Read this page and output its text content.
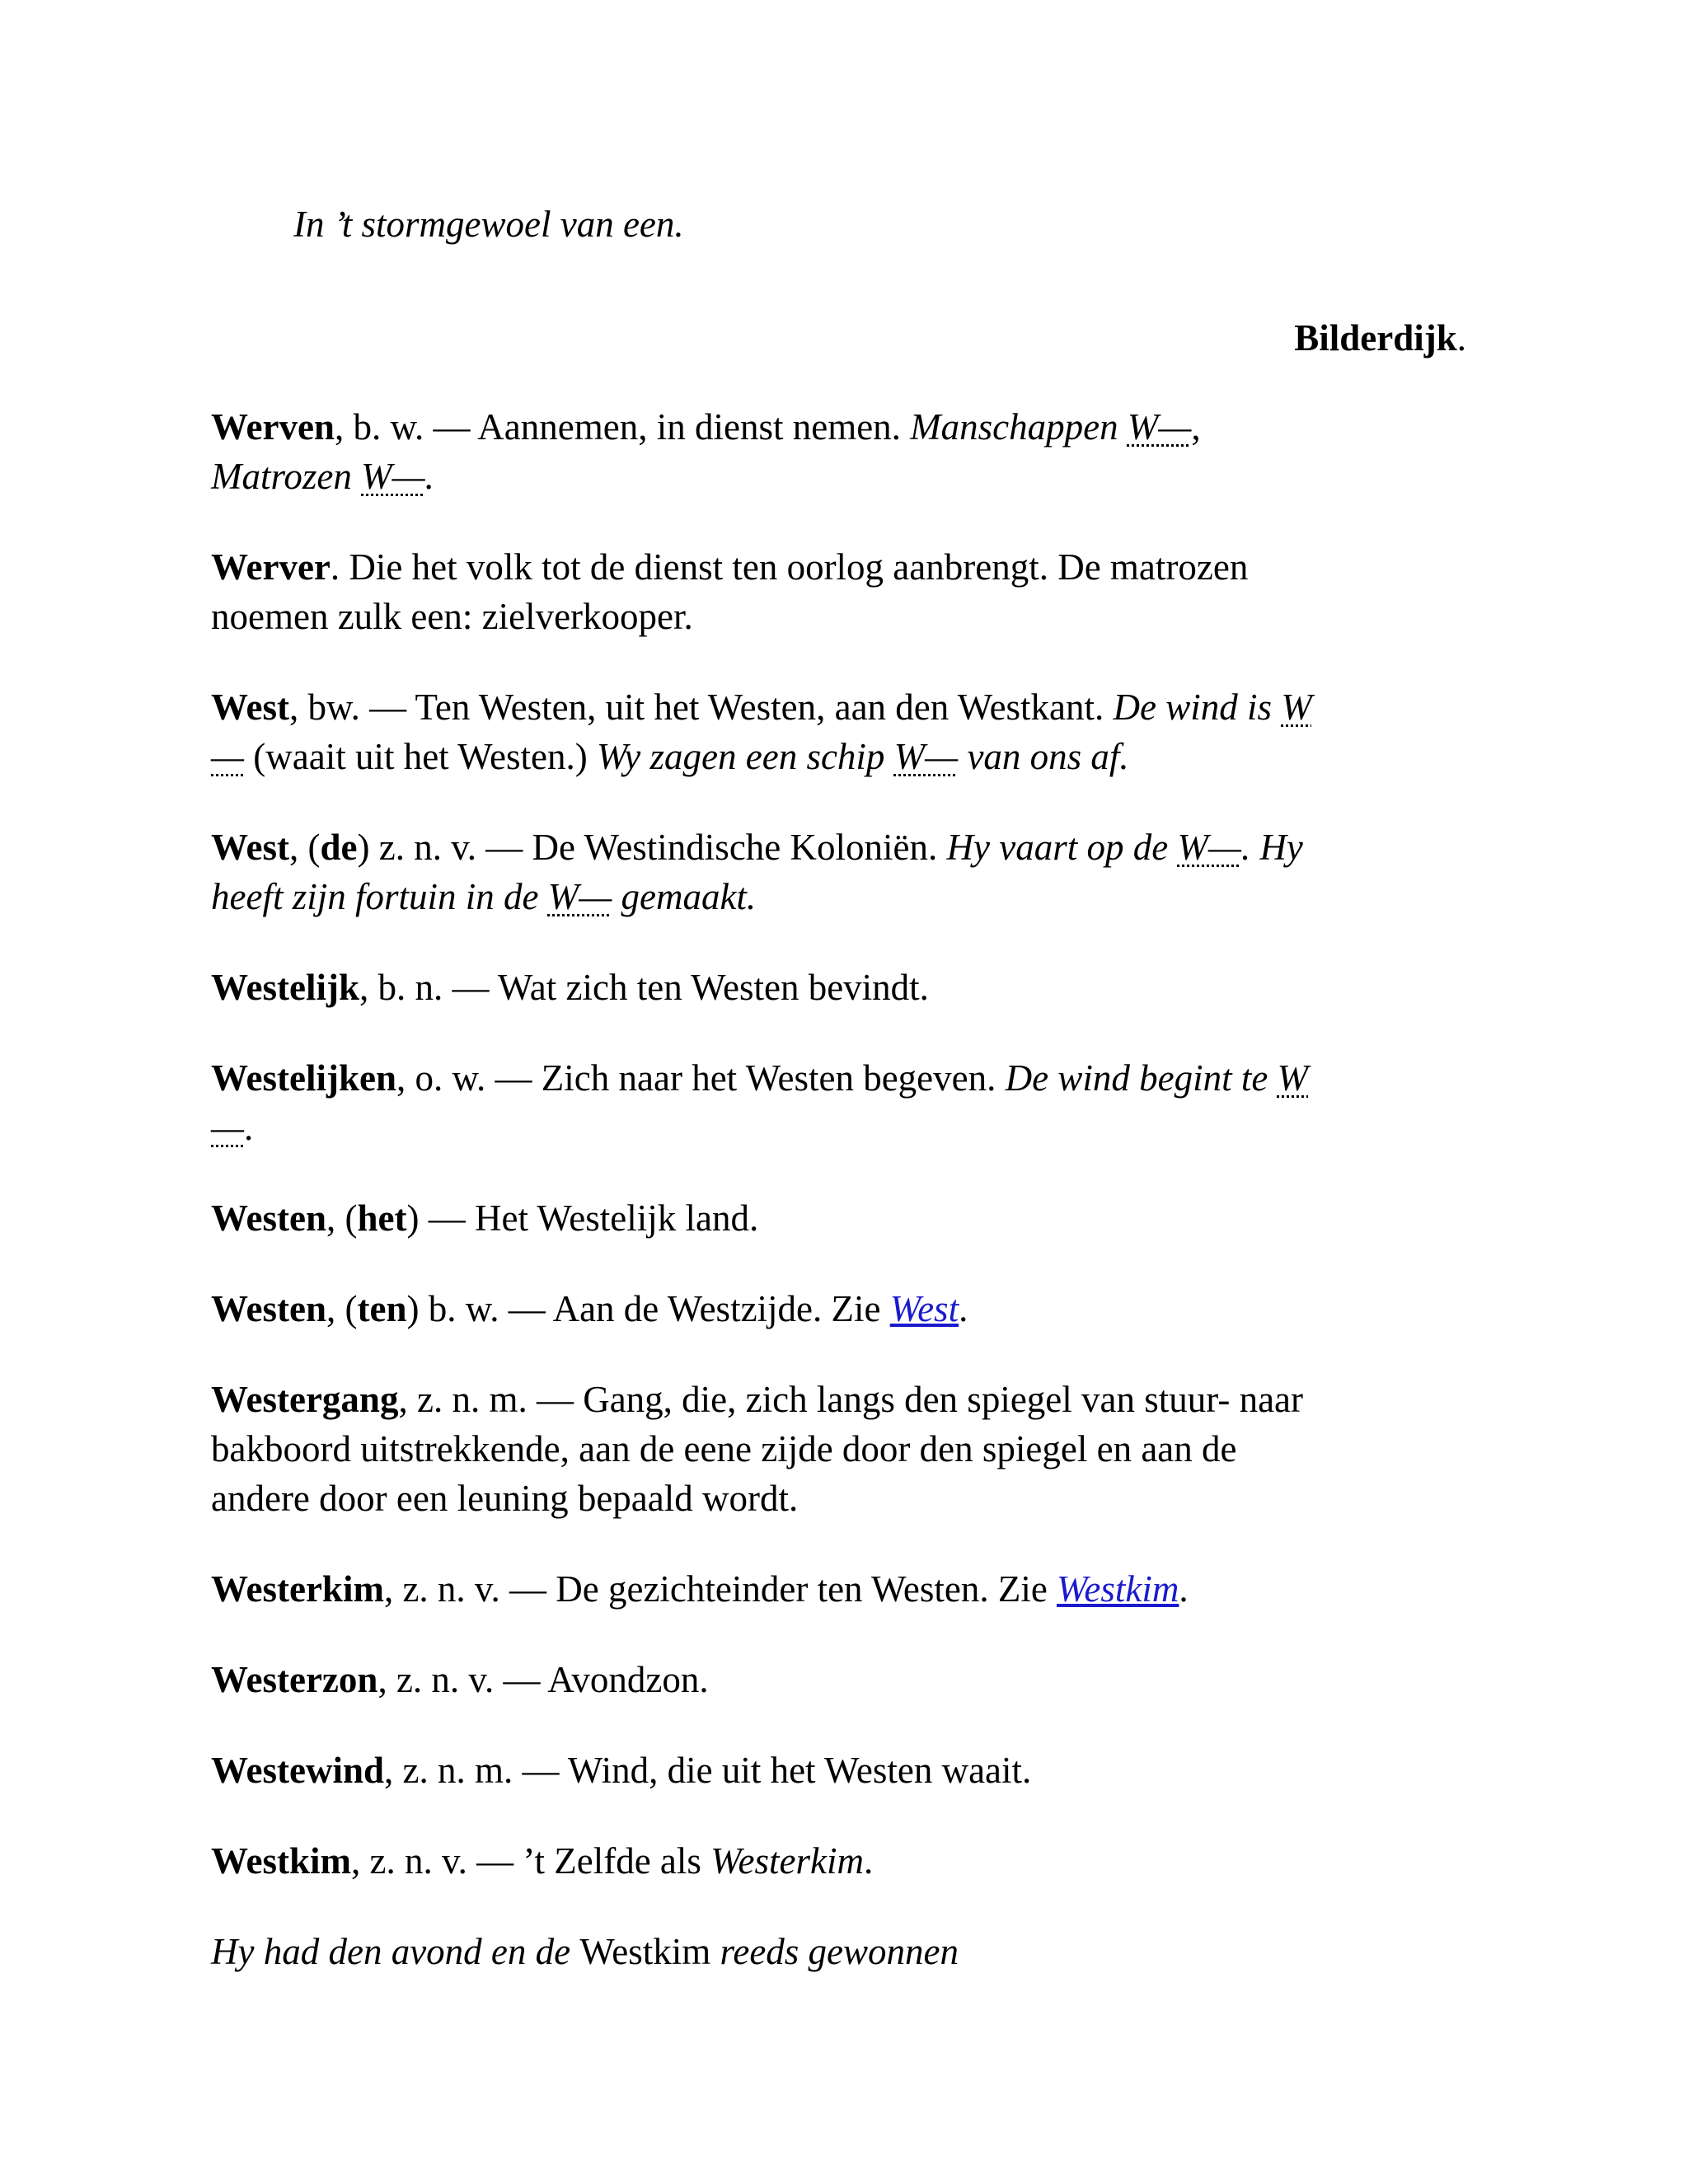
In ’t stormgewoel van een.
Bilderdijk.
Werven, b. w. — Aannemen, in dienst nemen. Manschappen W—,
Matrozen W—.
Werver. Die het volk tot de dienst ten oorlog aanbrengt. De matrozen
noemen zulk een: zielverkooper.
West, bw. — Ten Westen, uit het Westen, aan den Westkant. De wind is W
— (waait uit het Westen.) Wy zagen een schip W— van ons af.
West, (de) z. n. v. — De Westindische Koloniën. Hy vaart op de W—. Hy
heeft zijn fortuin in de W— gemaakt.
Westelijk, b. n. — Wat zich ten Westen bevindt.
Westelijken, o. w. — Zich naar het Westen begeven. De wind begint te W
—.
Westen, (het) — Het Westelijk land.
Westen, (ten) b. w. — Aan de Westzijde. Zie West.
Westergang, z. n. m. — Gang, die, zich langs den spiegel van stuur- naar
bakboord uitstrekkende, aan de eene zijde door den spiegel en aan de
andere door een leuning bepaald wordt.
Westerkim, z. n. v. — De gezichteinder ten Westen. Zie Westkim.
Westerzon, z. n. v. — Avondzon.
Westewind, z. n. m. — Wind, die uit het Westen waait.
Westkim, z. n. v. — ’t Zelfde als Westerkim.
Hy had den avond en de Westkim reeds gewonnen
